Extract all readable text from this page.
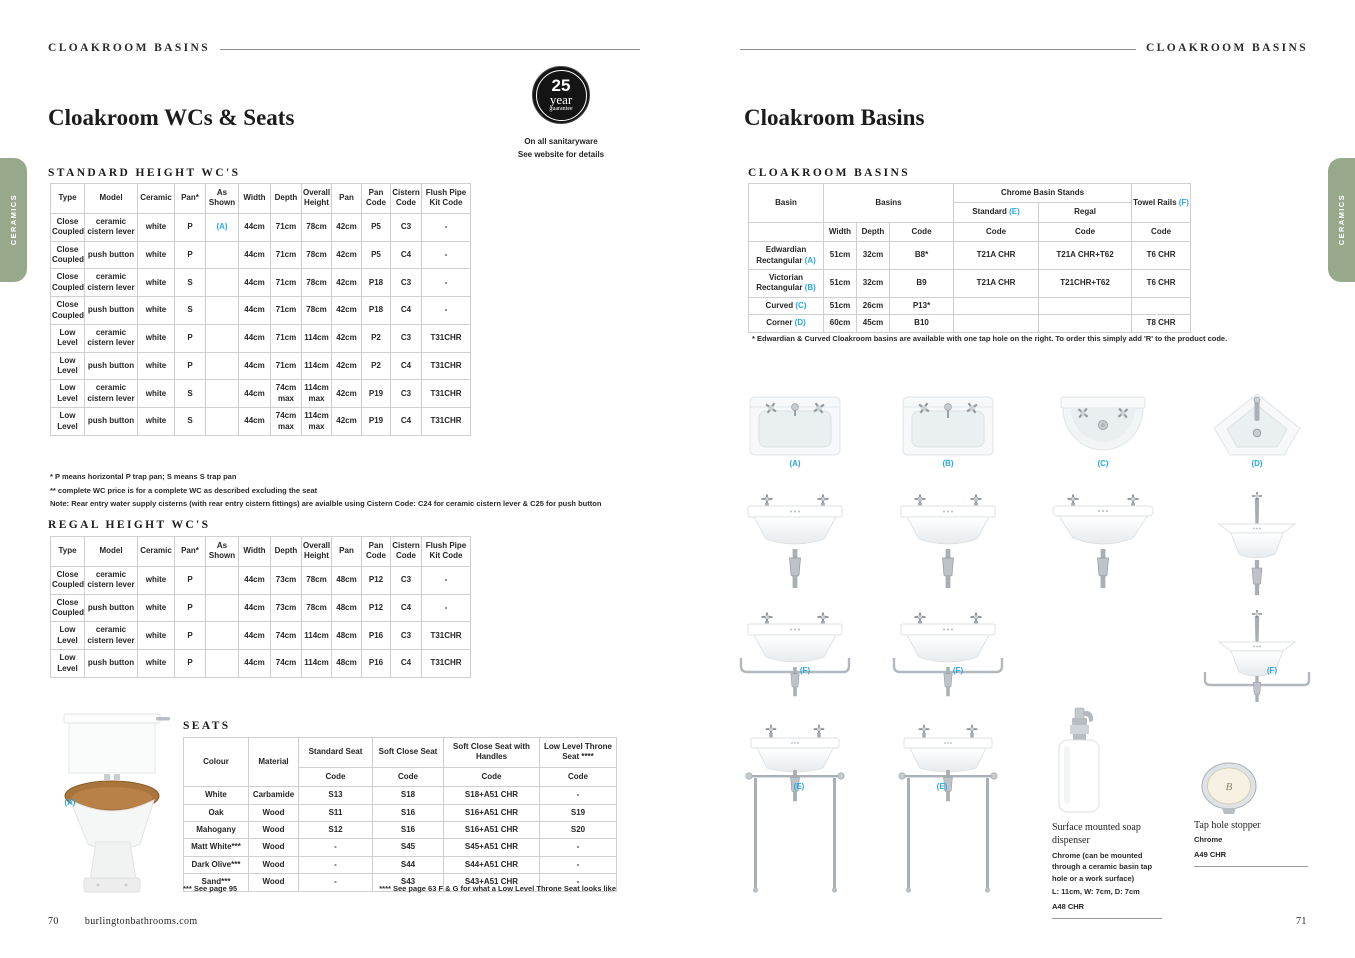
CLOAKROOM BASINS
CERAMICS
Cloakroom WCs & Seats
25
year
guarantee
On all sanitaryware
See website for details
STANDARD HEIGHT WC'S
Type	Model	Ceramic	Pan*	As Shown	Width	Depth	Overall Height	Pan	Pan Code	Cistern Code	Flush Pipe Kit Code
Close Coupled	ceramic cistern lever	white	P	(A)	44cm	71cm	78cm	42cm	P5	C3	-
Close Coupled	push button	white	P		44cm	71cm	78cm	42cm	P5	C4	-
Close Coupled	ceramic cistern lever	white	S		44cm	71cm	78cm	42cm	P18	C3	-
Close Coupled	push button	white	S		44cm	71cm	78cm	42cm	P18	C4	-
Low Level	ceramic cistern lever	white	P		44cm	71cm	114cm	42cm	P2	C3	T31CHR
Low Level	push button	white	P		44cm	71cm	114cm	42cm	P2	C4	T31CHR
Low Level	ceramic cistern lever	white	S		44cm	74cm max	114cm max	42cm	P19	C3	T31CHR
Low Level	push button	white	S		44cm	74cm max	114cm max	42cm	P19	C4	T31CHR
* P means horizontal P trap pan; S means S trap pan
** complete WC price is for a complete WC as described excluding the seat
Note: Rear entry water supply cisterns (with rear entry cistern fittings) are avialble using Cistern Code: C24 for ceramic cistern lever & C25 for push button
REGAL HEIGHT WC'S
Type	Model	Ceramic	Pan*	As Shown	Width	Depth	Overall Height	Pan	Pan Code	Cistern Code	Flush Pipe Kit Code
Close Coupled	ceramic cistern lever	white	P		44cm	73cm	78cm	48cm	P12	C3	-
Close Coupled	push button	white	P		44cm	73cm	78cm	48cm	P12	C4	-
Low Level	ceramic cistern lever	white	P		44cm	74cm	114cm	48cm	P16	C3	T31CHR
Low Level	push button	white	P		44cm	74cm	114cm	48cm	P16	C4	T31CHR
(A)
SEATS
Colour	Material	Standard Seat	Soft Close Seat	Soft Close Seat with Handles	Low Level Throne Seat ****
		Code	Code	Code	Code
White	Carbamide	S13	S18	S18+A51 CHR	-
Oak	Wood	S11	S16	S16+A51 CHR	S19
Mahogany	Wood	S12	S16	S16+A51 CHR	S20
Matt White***	Wood	-	S45	S45+A51 CHR	-
Dark Olive***	Wood	-	S44	S44+A51 CHR	-
Sand***	Wood	-	S43	S43+A51 CHR	-
*** See page 95	**** See page 63 F & G for what a Low Level Throne Seat looks like
70	burlingtonbathrooms.com
CLOAKROOM BASINS
CERAMICS
Cloakroom Basins
CLOAKROOM BASINS
Basin	Basins			Chrome Basin Stands		Towel Rails (F)
				Standard (E)	Regal	
	Width	Depth	Code	Code	Code	Code
Edwardian Rectangular (A)	51cm	32cm	B8*	T21A CHR	T21A CHR+T62	T6 CHR
Victorian Rectangular (B)	51cm	32cm	B9	T21A CHR	T21CHR+T62	T6 CHR
Curved (C)	51cm	26cm	P13*			
Corner (D)	60cm	45cm	B10			T8 CHR
* Edwardian & Curved Cloakroom basins are available with one tap hole on the right. To order this simply add 'R' to the product code.
(A)	(B)	(C)	(D)
(F)	(F)	(F)
(E)	(E)
Surface mounted soap dispenser
Chrome (can be mounted through a ceramic basin tap hole or a work surface)
L: 11cm, W: 7cm, D: 7cm
A48 CHR
B
Tap hole stopper
Chrome
A49 CHR
71
